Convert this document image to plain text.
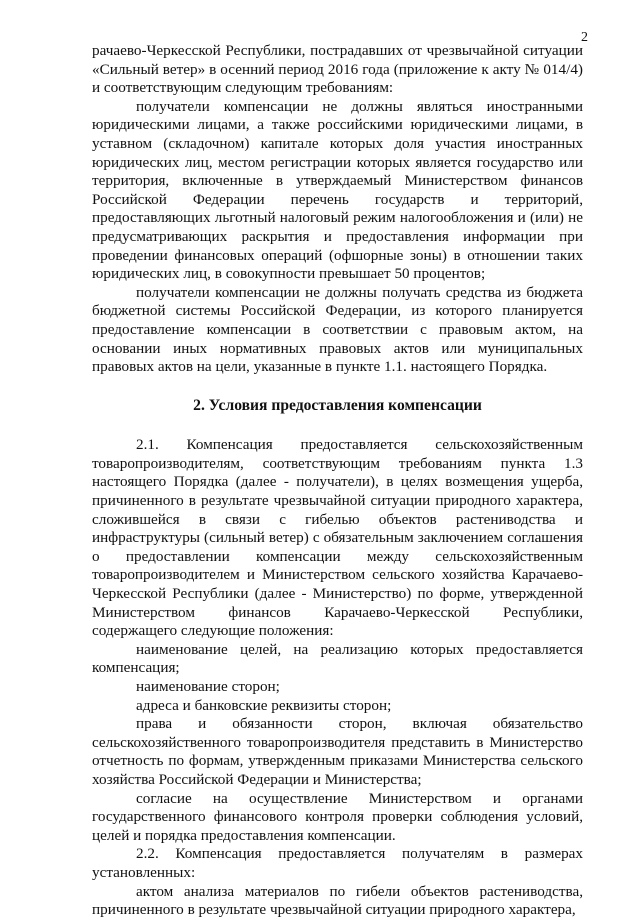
2

рачаево-Черкесской Республики, пострадавших от чрезвычайной ситуации «Сильный ветер» в осенний период 2016 года (приложение к акту № 014/4) и соответствующим следующим требованиям:

получатели компенсации не должны являться иностранными юридическими лицами, а также российскими юридическими лицами, в уставном (складочном) капитале которых доля участия иностранных юридических лиц, местом регистрации которых является государство или территория, включенные в утверждаемый Министерством финансов Российской Федерации перечень государств и территорий, предоставляющих льготный налоговый режим налогообложения и (или) не предусматривающих раскрытия и предоставления информации при проведении финансовых операций (офшорные зоны) в отношении таких юридических лиц, в совокупности превышает 50 процентов;

получатели компенсации не должны получать средства из бюджета бюджетной системы Российской Федерации, из которого планируется предоставление компенсации в соответствии с правовым актом, на основании иных нормативных правовых актов или муниципальных правовых актов на цели, указанные в пункте 1.1. настоящего Порядка.

2. Условия предоставления компенсации

2.1. Компенсация предоставляется сельскохозяйственным товаропроизводителям, соответствующим требованиям пункта 1.3 настоящего Порядка (далее - получатели), в целях возмещения ущерба, причиненного в результате чрезвычайной ситуации природного характера, сложившейся в связи с гибелью объектов растениводства и инфраструктуры (сильный ветер) с обязательным заключением соглашения о предоставлении компенсации между сельскохозяйственным товаропроизводителем и Министерством сельского хозяйства Карачаево-Черкесской Республики (далее - Министерство) по форме, утвержденной Министерством финансов Карачаево-Черкесской Республики, содержащего следующие положения:

наименование целей, на реализацию которых предоставляется компенсация;

наименование сторон;

адреса и банковские реквизиты сторон;

права и обязанности сторон, включая обязательство сельскохозяйственного товаропроизводителя представить в Министерство отчетность по формам, утвержденным приказами Министерства сельского хозяйства Российской Федерации и Министерства;

согласие на осуществление Министерством и органами государственного финансового контроля проверки соблюдения условий, целей и порядка предоставления компенсации.

2.2. Компенсация предоставляется получателям в размерах установленных:

актом анализа материалов по гибели объектов растениводства, причиненного в результате чрезвычайной ситуации природного характера,
